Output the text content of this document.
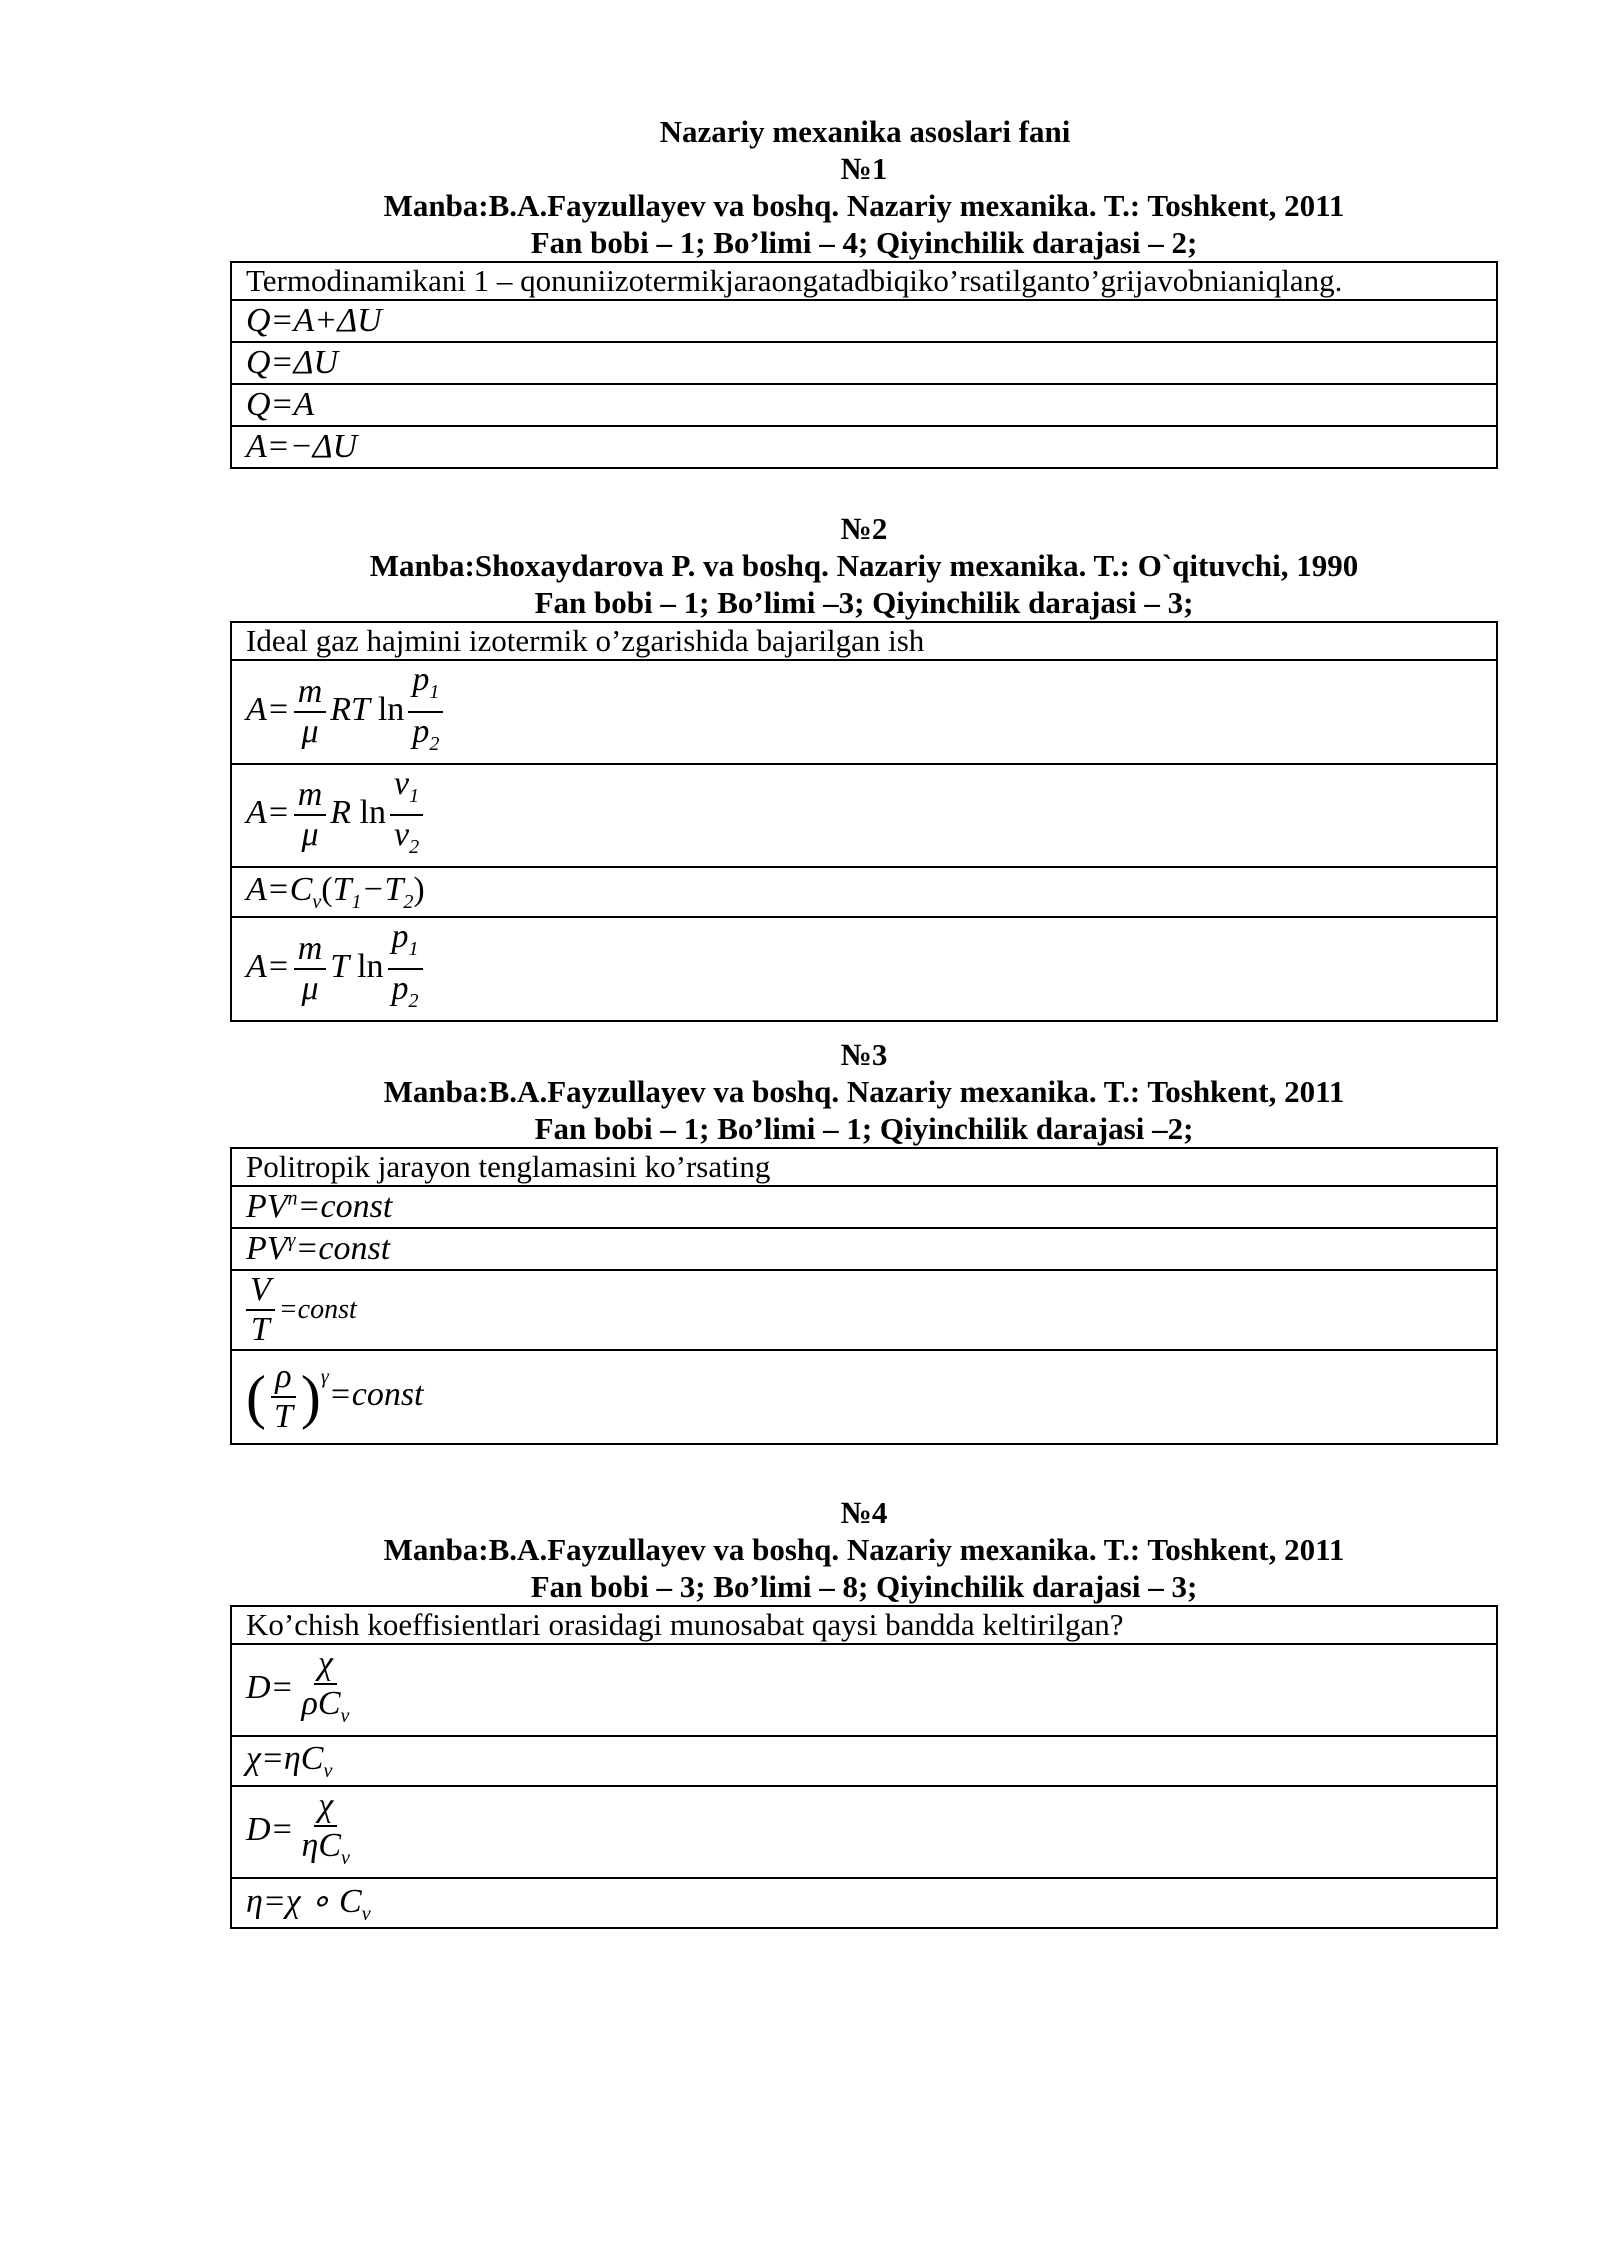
Nazariy mexanika asoslari fani
№1
Manba:B.A.Fayzullayev va boshq. Nazariy mexanika. T.: Toshkent, 2011
Fan bobi – 1; Bo’limi – 4; Qiyinchilik darajasi – 2;
Termodinamikani 1 – qonuniizotermikjaraongatadbiqiko’rsatilganto’grijavobnianiqlang.
Q=A+ΔU
Q=ΔU
Q=A
A=−ΔU
№2
Manba:Shoxaydarova P. va boshq. Nazariy mexanika. T.: O`qituvchi, 1990
Fan bobi – 1; Bo’limi –3; Qiyinchilik darajasi – 3;
Ideal gaz hajmini izotermik o’zgarishida bajarilgan ish
$A= \frac{m}{\mu}$ RT $\ln \frac{p_1}{p_2}$

$A= \frac{m}{\mu}$ R $\ln \frac{v_1}{v_2}$

$A=C_v(T_1-T_2)$
$A= \frac{m}{\mu}$ T $\ln \frac{p_1}{p_2}$
№3
Manba:B.A.Fayzullayev va boshq. Nazariy mexanika. T.: Toshkent, 2011
Fan bobi – 1; Bo’limi – 1; Qiyinchilik darajasi –2;
Politropik jarayon tenglamasini ko’rsating
$PV^n=const$
$PV^\gamma=const$

$\frac{V}{T}$ =const
( $\frac{\rho}{T}$ )$^\gamma$=const
№4
Manba:B.A.Fayzullayev va boshq. Nazariy mexanika. T.: Toshkent, 2011
Fan bobi – 3; Bo’limi – 8; Qiyinchilik darajasi – 3;
Ko’chish koeffisientlari orasidagi munosabat qaysi bandda keltirilgan?
$D= \frac{\chi}{\rho C_v}$

$\chi=\eta C_v$
$D= \frac{\chi}{\eta C_v}$

η=χ ∘ $C_v$
